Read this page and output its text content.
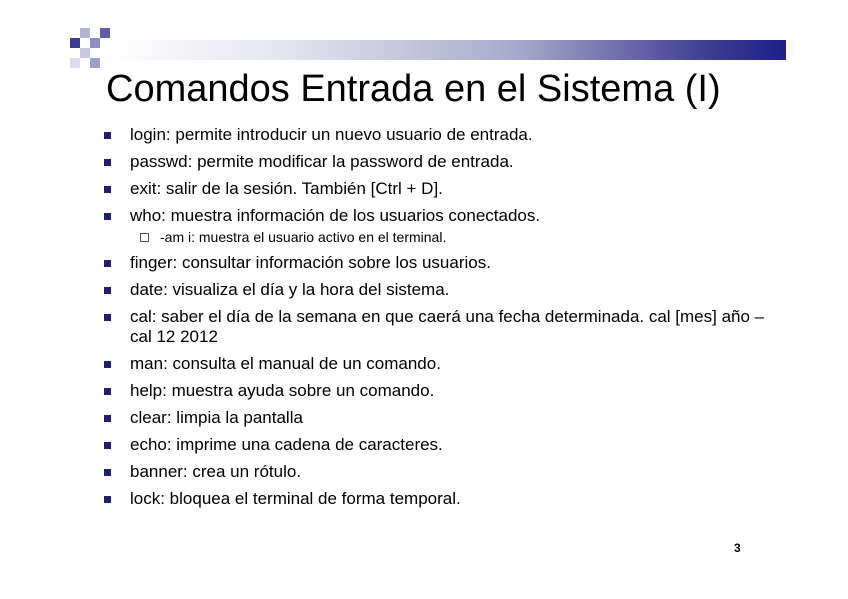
Comandos Entrada en el Sistema (I)
login: permite introducir un nuevo usuario de entrada.
passwd: permite modificar la password de entrada.
exit: salir de la sesión. También [Ctrl + D].
who: muestra información de los usuarios conectados.
-am i: muestra el usuario activo en el terminal.
finger: consultar información sobre los usuarios.
date: visualiza el día y la hora del sistema.
cal: saber el día de la semana en que caerá una fecha determinada. cal [mes] año – cal 12 2012
man: consulta el manual de un comando.
help: muestra ayuda sobre un comando.
clear: limpia la pantalla
echo: imprime una cadena de caracteres.
banner: crea un rótulo.
lock: bloquea el terminal de forma temporal.
3
